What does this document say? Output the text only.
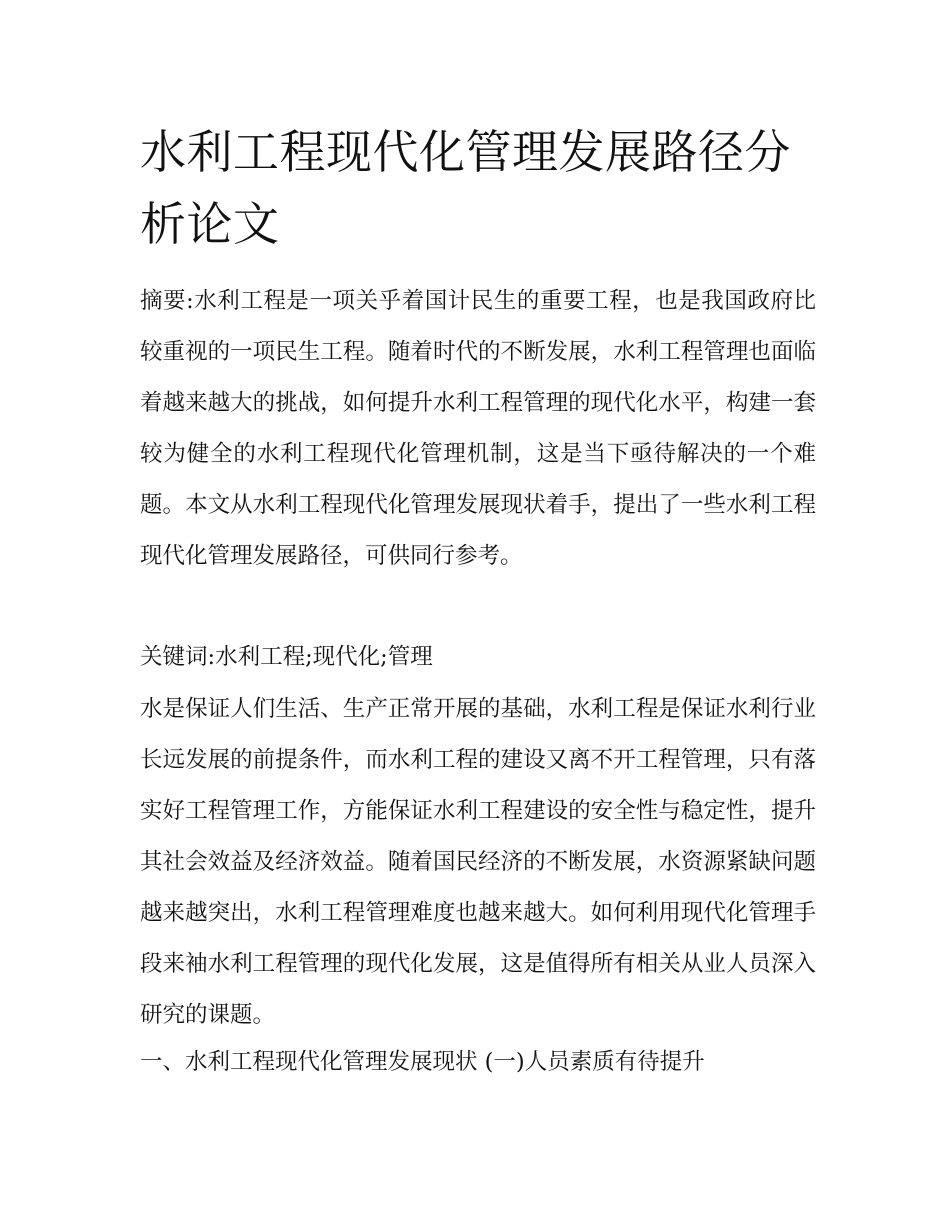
水利工程现代化管理发展路径分析论文

摘要:水利工程是一项关乎着国计民生的重要工程，也是我国政府比较重视的一项民生工程。随着时代的不断发展，水利工程管理也面临着越来越大的挑战，如何提升水利工程管理的现代化水平，构建一套较为健全的水利工程现代化管理机制，这是当下亟待解决的一个难题。本文从水利工程现代化管理发展现状着手，提出了一些水利工程现代化管理发展路径，可供同行参考。

关键词:水利工程;现代化;管理

水是保证人们生活、生产正常开展的基础，水利工程是保证水利行业长远发展的前提条件，而水利工程的建设又离不开工程管理，只有落实好工程管理工作，方能保证水利工程建设的安全性与稳定性，提升其社会效益及经济效益。随着国民经济的不断发展，水资源紧缺问题越来越突出，水利工程管理难度也越来越大。如何利用现代化管理手段来袖水利工程管理的现代化发展，这是值得所有相关从业人员深入研究的课题。

一、水利工程现代化管理发展现状 (一)人员素质有待提升
